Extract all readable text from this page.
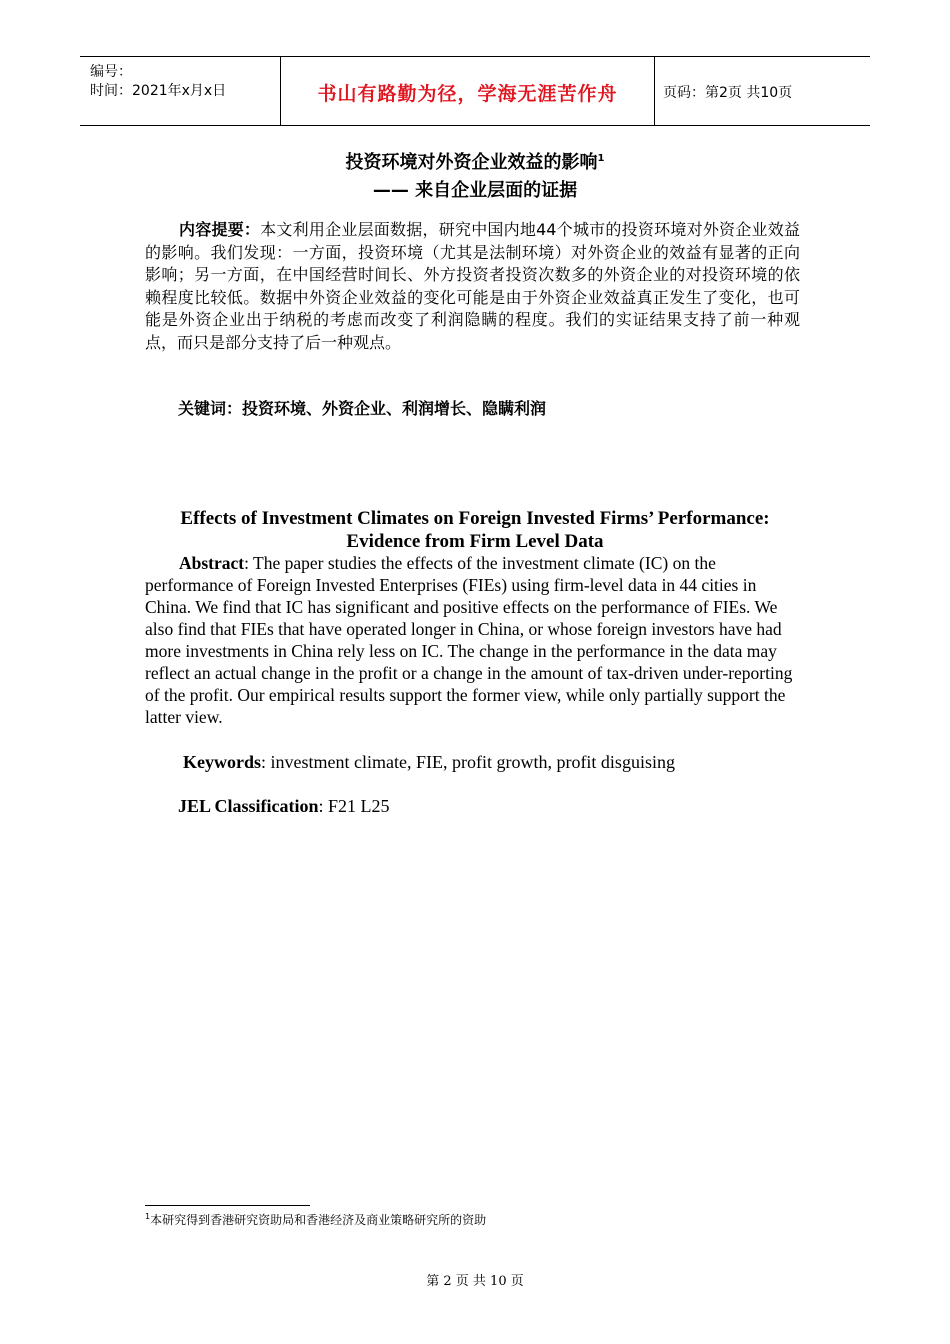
编号：
时间：2021年x月x日	书山有路勤为径，学海无涯苦作舟	页码：第2页 共10页
投资环境对外资企业效益的影响$^1$
—— 来自企业层面的证据
内容提要：本文利用企业层面数据，研究中国内地44个城市的投资环境对外资企业效益的影响。我们发现：一方面，投资环境（尤其是法制环境）对外资企业的效益有显著的正向影响；另一方面，在中国经营时间长、外方投资者投资次数多的外资企业的对投资环境的依赖程度比较低。数据中外资企业效益的变化可能是由于外资企业效益真正发生了变化，也可能是外资企业出于纳税的考虑而改变了利润隐瞒的程度。我们的实证结果支持了前一种观点，而只是部分支持了后一种观点。
关键词：投资环境、外资企业、利润增长、隐瞒利润
Effects of Investment Climates on Foreign Invested Firms’ Performance:
Evidence from Firm Level Data
Abstract: The paper studies the effects of the investment climate (IC) on the performance of Foreign Invested Enterprises (FIEs) using firm-level data in 44 cities in China. We find that IC has significant and positive effects on the performance of FIEs. We also find that FIEs that have operated longer in China, or whose foreign investors have had more investments in China rely less on IC. The change in the performance in the data may reflect an actual change in the profit or a change in the amount of tax-driven under-reporting of the profit. Our empirical results support the former view, while only partially support the latter view.
Keywords: investment climate, FIE, profit growth, profit disguising
JEL Classification: F21 L25
$^1$本研究得到香港研究资助局和香港经济及商业策略研究所的资助
第 2 页 共 10 页
